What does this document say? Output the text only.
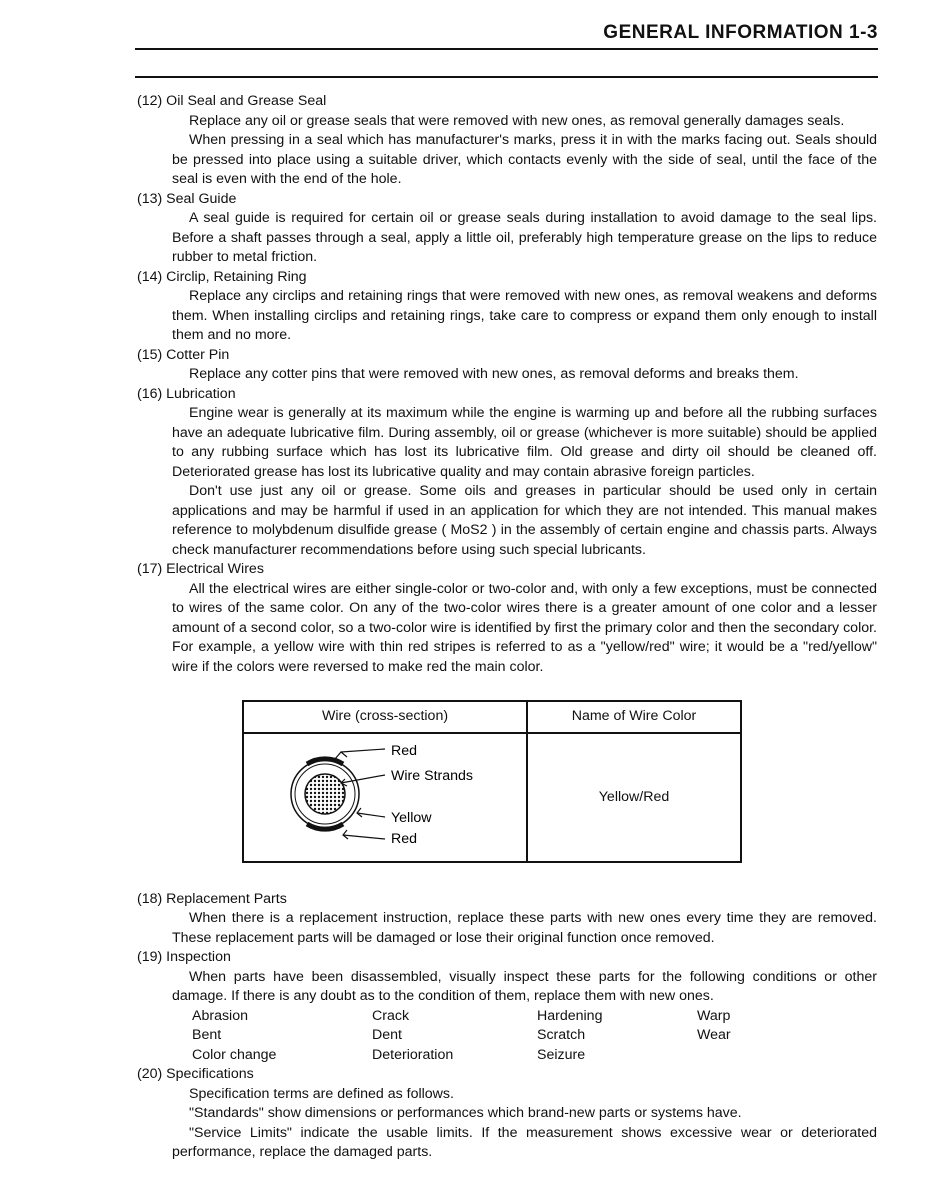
GENERAL INFORMATION 1-3

(12) Oil Seal and Grease Seal

Replace any oil or grease seals that were removed with new ones, as removal generally damages seals.

When pressing in a seal which has manufacturer's marks, press it in with the marks facing out. Seals should be pressed into place using a suitable driver, which contacts evenly with the side of seal, until the face of the seal is even with the end of the hole.

(13) Seal Guide

A seal guide is required for certain oil or grease seals during installation to avoid damage to the seal lips. Before a shaft passes through a seal, apply a little oil, preferably high temperature grease on the lips to reduce rubber to metal friction.

(14) Circlip, Retaining Ring

Replace any circlips and retaining rings that were removed with new ones, as removal weakens and deforms them. When installing circlips and retaining rings, take care to compress or expand them only enough to install them and no more.

(15) Cotter Pin

Replace any cotter pins that were removed with new ones, as removal deforms and breaks them.

(16) Lubrication

Engine wear is generally at its maximum while the engine is warming up and before all the rubbing surfaces have an adequate lubricative film. During assembly, oil or grease (whichever is more suitable) should be applied to any rubbing surface which has lost its lubricative film. Old grease and dirty oil should be cleaned off. Deteriorated grease has lost its lubricative quality and may contain abrasive foreign particles.

Don't use just any oil or grease. Some oils and greases in particular should be used only in certain applications and may be harmful if used in an application for which they are not intended. This manual makes reference to molybdenum disulfide grease ( MoS2 ) in the assembly of certain engine and chassis parts. Always check manufacturer recommendations before using such special lubricants.

(17) Electrical Wires

All the electrical wires are either single-color or two-color and, with only a few exceptions, must be connected to wires of the same color. On any of the two-color wires there is a greater amount of one color and a lesser amount of a second color, so a two-color wire is identified by first the primary color and then the secondary color. For example, a yellow wire with thin red stripes is referred to as a "yellow/red" wire; it would be a "red/yellow" wire if the colors were reversed to make red the main color.

Wire (cross-section)	Name of Wire Color

Red
Wire Strands
Yellow
Red	Yellow/Red

(18) Replacement Parts

When there is a replacement instruction, replace these parts with new ones every time they are removed. These replacement parts will be damaged or lose their original function once removed.

(19) Inspection

When parts have been disassembled, visually inspect these parts for the following conditions or other damage. If there is any doubt as to the condition of them, replace them with new ones.

Abrasion	Crack	Hardening	Warp
Bent	Dent	Scratch	Wear
Color change	Deterioration	Seizure

(20) Specifications

Specification terms are defined as follows.

"Standards" show dimensions or performances which brand-new parts or systems have.

"Service Limits" indicate the usable limits. If the measurement shows excessive wear or deteriorated performance, replace the damaged parts.
